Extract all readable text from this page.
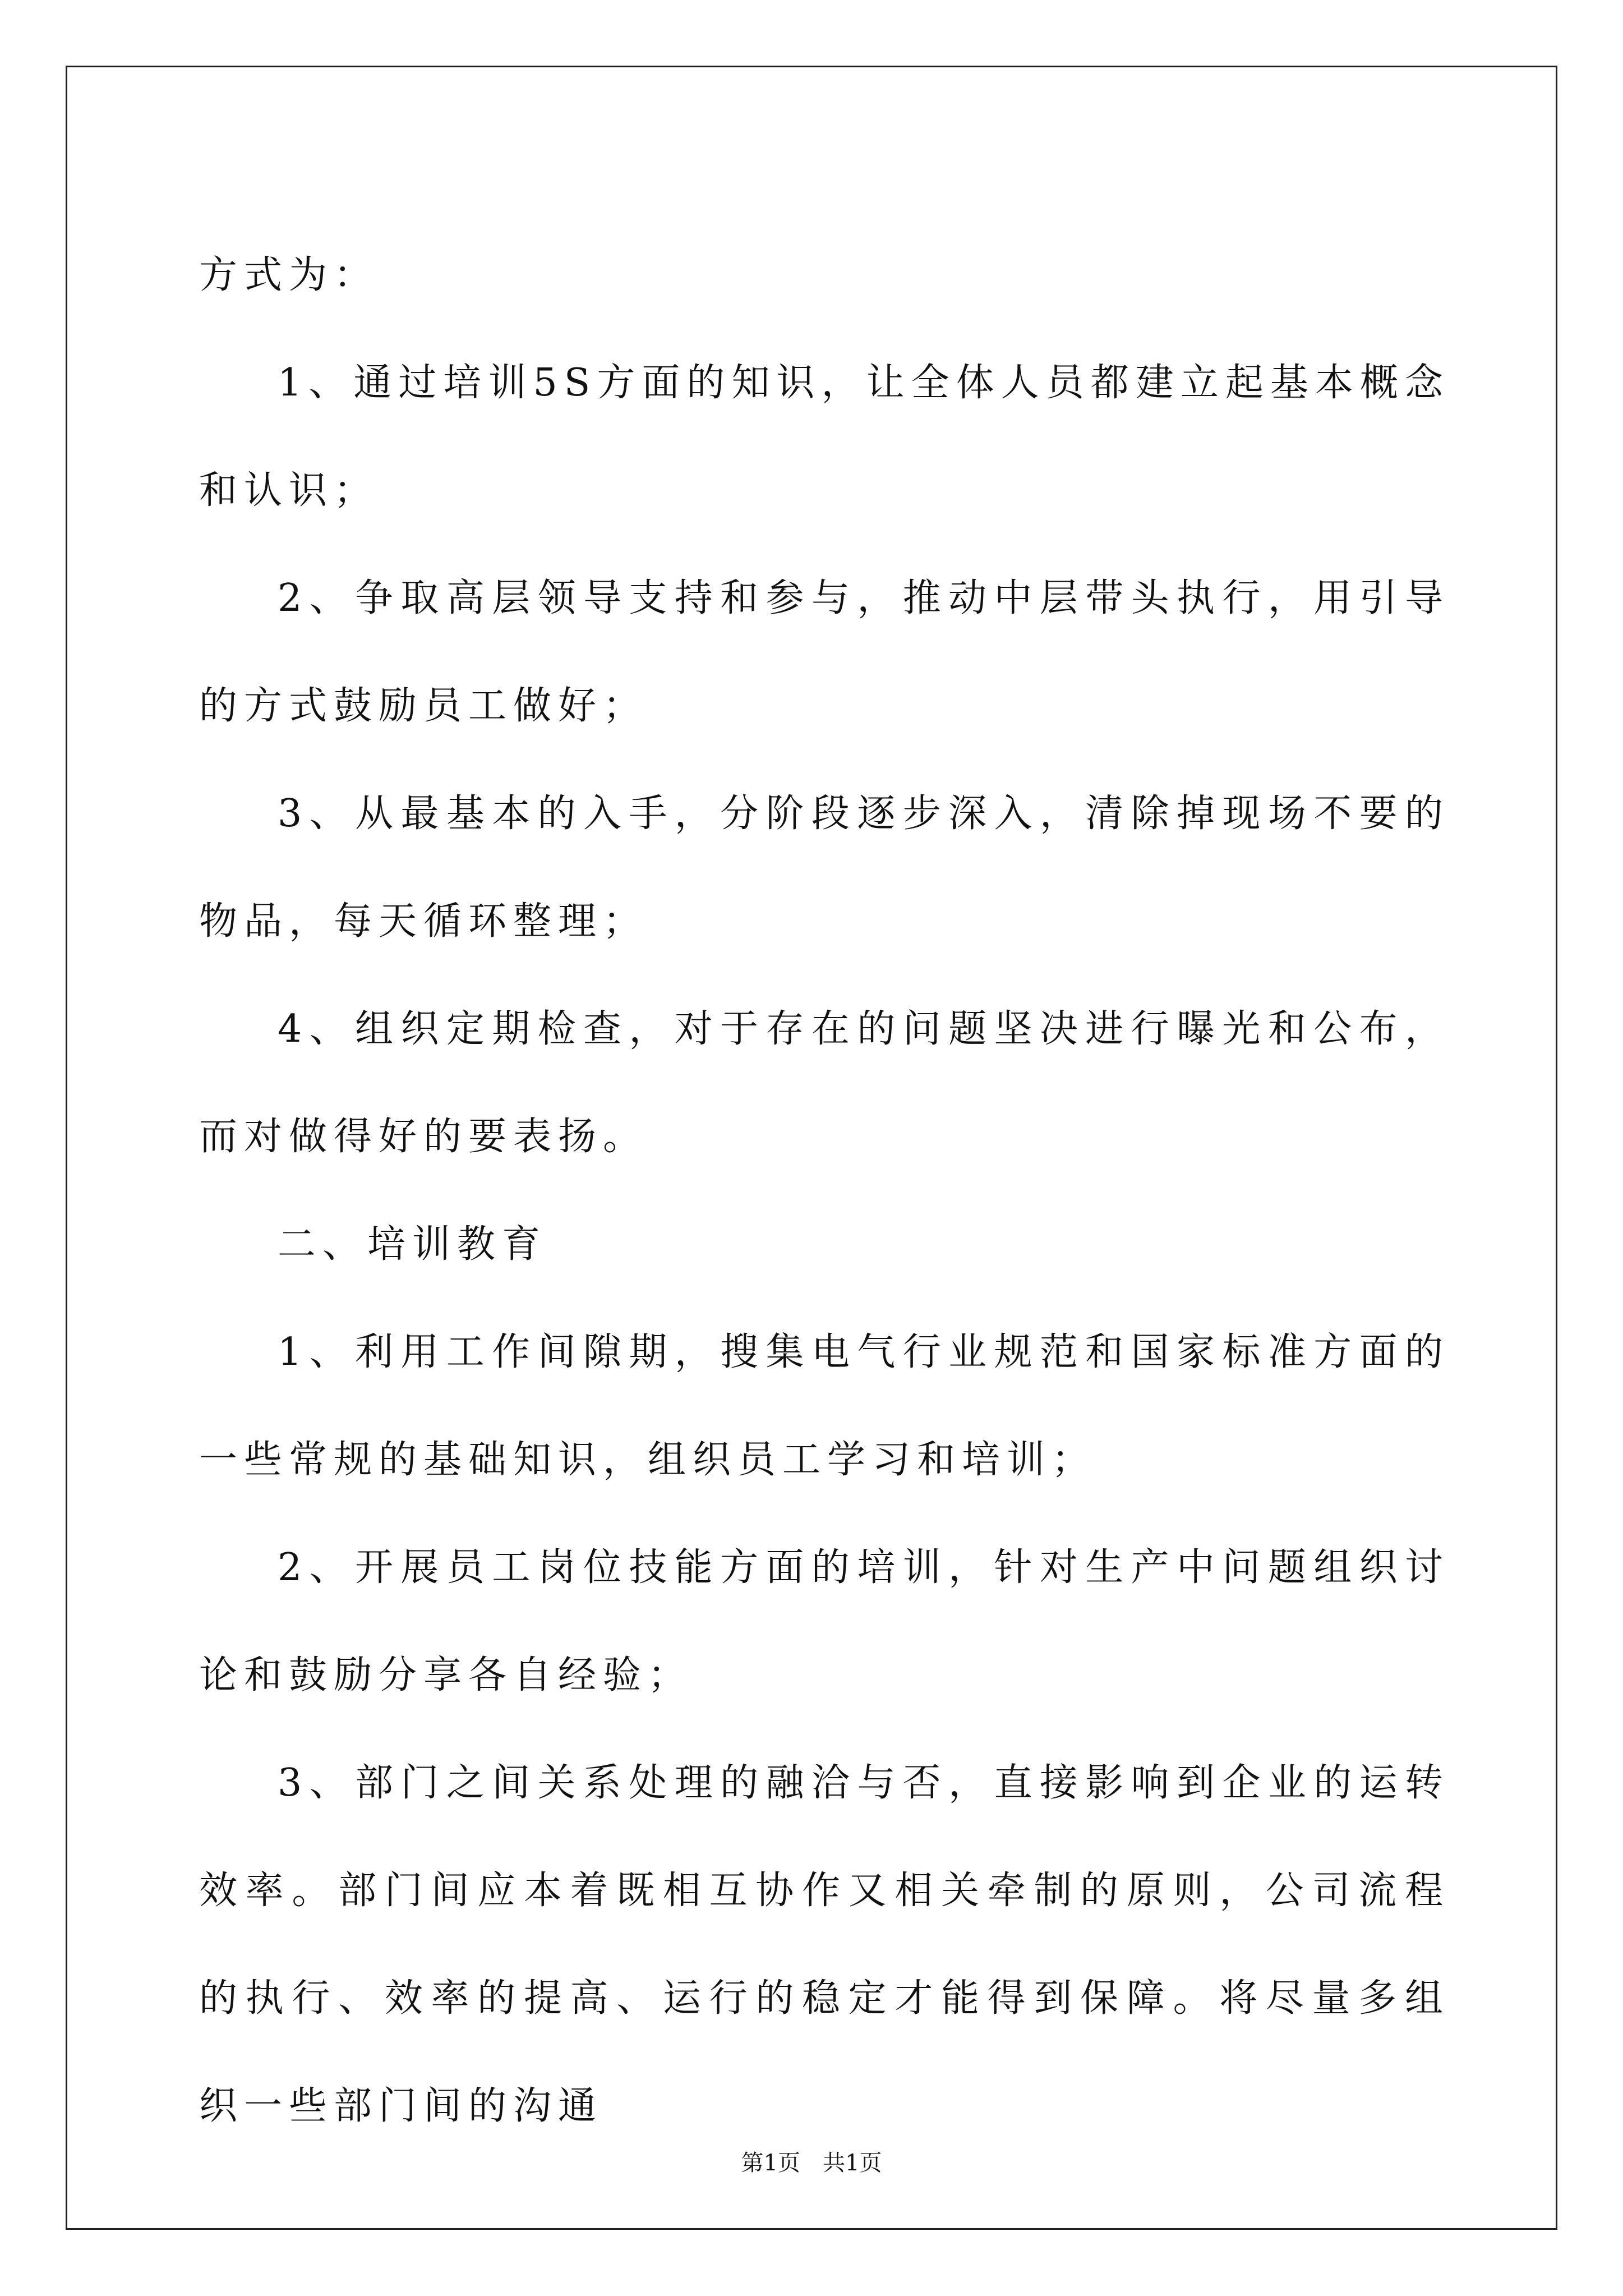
方式为：

1、通过培训5S方面的知识，让全体人员都建立起基本概念和认识；

2、争取高层领导支持和参与，推动中层带头执行，用引导的方式鼓励员工做好；

3、从最基本的入手，分阶段逐步深入，清除掉现场不要的物品，每天循环整理；

4、组织定期检查，对于存在的问题坚决进行曝光和公布，而对做得好的要表扬。

二、培训教育

1、利用工作间隙期，搜集电气行业规范和国家标准方面的一些常规的基础知识，组织员工学习和培训；

2、开展员工岗位技能方面的培训，针对生产中问题组织讨论和鼓励分享各自经验；

3、部门之间关系处理的融洽与否，直接影响到企业的运转效率。部门间应本着既相互协作又相关牵制的原则，公司流程的执行、效率的提高、运行的稳定才能得到保障。将尽量多组织一些部门间的沟通

第1页　共1页
